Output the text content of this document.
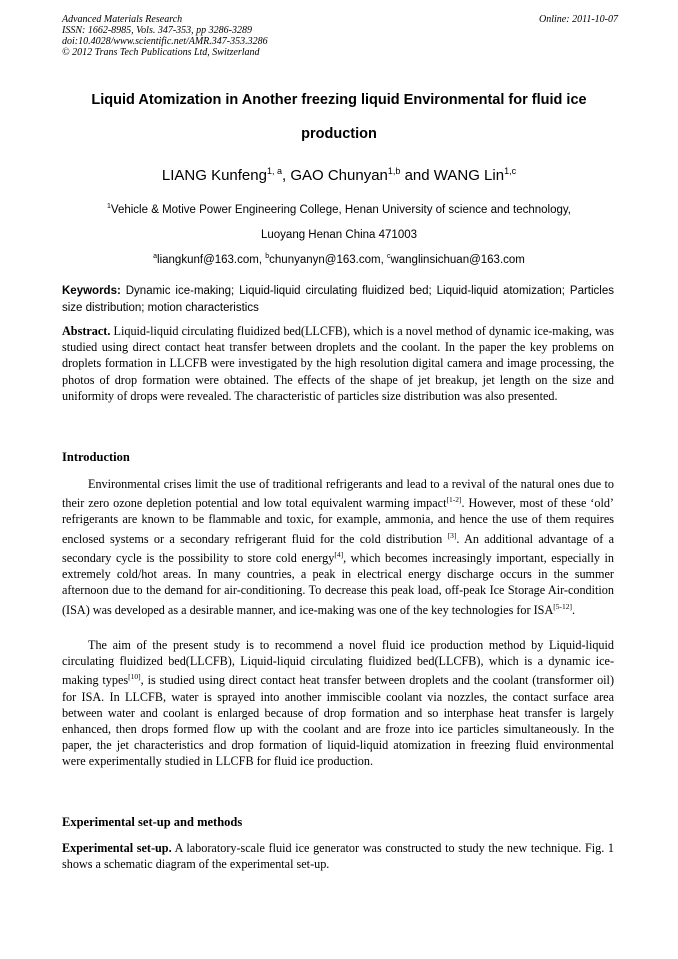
Advanced Materials Research
ISSN: 1662-8985, Vols. 347-353, pp 3286-3289
doi:10.4028/www.scientific.net/AMR.347-353.3286
© 2012 Trans Tech Publications Ltd, Switzerland
Online: 2011-10-07
Liquid Atomization in Another freezing liquid Environmental for fluid ice
production
LIANG Kunfeng$^{1, a}$, GAO Chunyan$^{1,b}$ and WANG Lin$^{1,c}$
$^1$Vehicle & Motive Power Engineering College, Henan University of science and technology,
Luoyang Henan China 471003
$^a$liangkunf@163.com, $^b$chunyanyn@163.com, $^c$wanglinsichuan@163.com
Keywords: Dynamic ice-making; Liquid-liquid circulating fluidized bed; Liquid-liquid atomization; Particles size distribution; motion characteristics
Abstract. Liquid-liquid circulating fluidized bed(LLCFB), which is a novel method of dynamic ice-making, was studied using direct contact heat transfer between droplets and the coolant. In the paper the key problems on droplets formation in LLCFB were investigated by the high resolution digital camera and image processing, the photos of drop formation were obtained. The effects of the shape of jet breakup, jet length on the size and uniformity of drops were revealed. The characteristic of particles size distribution was also presented.
Introduction
Environmental crises limit the use of traditional refrigerants and lead to a revival of the natural ones due to their zero ozone depletion potential and low total equivalent warming impact[1-2]. However, most of these ‘old’ refrigerants are known to be flammable and toxic, for example, ammonia, and hence the use of them requires enclosed systems or a secondary refrigerant fluid for the cold distribution [3]. An additional advantage of a secondary cycle is the possibility to store cold energy[4], which becomes increasingly important, especially in extremely cold/hot areas. In many countries, a peak in electrical energy discharge occurs in the summer afternoon due to the demand for air-conditioning. To decrease this peak load, off-peak Ice Storage Air-condition (ISA) was developed as a desirable manner, and ice-making was one of the key technologies for ISA[5-12].
The aim of the present study is to recommend a novel fluid ice production method by Liquid-liquid circulating fluidized bed(LLCFB), Liquid-liquid circulating fluidized bed(LLCFB), which is a dynamic ice-making types[10], is studied using direct contact heat transfer between droplets and the coolant (transformer oil) for ISA. In LLCFB, water is sprayed into another immiscible coolant via nozzles, the contact surface area between water and coolant is enlarged because of drop formation and so interphase heat transfer is largely enhanced, then drops formed flow up with the coolant and are froze into ice particles simultaneously. In the paper, the jet characteristics and drop formation of liquid-liquid atomization in freezing fluid environmental were experimentally studied in LLCFB for fluid ice production.
Experimental set-up and methods
Experimental set-up. A laboratory-scale fluid ice generator was constructed to study the new technique. Fig. 1 shows a schematic diagram of the experimental set-up.
